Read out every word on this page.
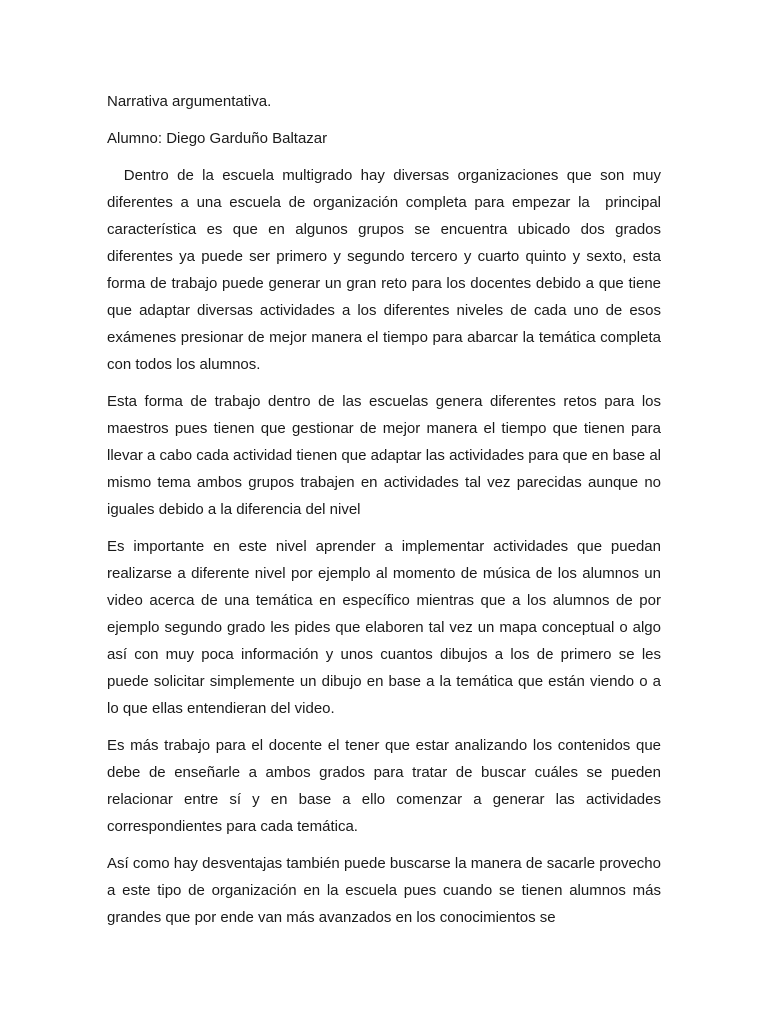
Narrativa argumentativa.

Alumno: Diego Garduño Baltazar

Dentro de la escuela multigrado hay diversas organizaciones que son muy diferentes a una escuela de organización completa para empezar la  principal característica es que en algunos grupos se encuentra ubicado dos grados diferentes ya puede ser primero y segundo tercero y cuarto quinto y sexto, esta forma de trabajo puede generar un gran reto para los docentes debido a que tiene que adaptar diversas actividades a los diferentes niveles de cada uno de esos exámenes presionar de mejor manera el tiempo para abarcar la temática completa con todos los alumnos.

Esta forma de trabajo dentro de las escuelas genera diferentes retos para los maestros pues tienen que gestionar de mejor manera el tiempo que tienen para llevar a cabo cada actividad tienen que adaptar las actividades para que en base al mismo tema ambos grupos trabajen en actividades tal vez parecidas aunque no iguales debido a la diferencia del nivel

Es importante en este nivel aprender a implementar actividades que puedan realizarse a diferente nivel por ejemplo al momento de música de los alumnos un video acerca de una temática en específico mientras que a los alumnos de por ejemplo segundo grado les pides que elaboren tal vez un mapa conceptual o algo así con muy poca información y unos cuantos dibujos a los de primero se les puede solicitar simplemente un dibujo en base a la temática que están viendo o a lo que ellas entendieran del video.

Es más trabajo para el docente el tener que estar analizando los contenidos que debe de enseñarle a ambos grados para tratar de buscar cuáles se pueden relacionar entre sí y en base a ello comenzar a generar las actividades correspondientes para cada temática.

Así como hay desventajas también puede buscarse la manera de sacarle provecho a este tipo de organización en la escuela pues cuando se tienen alumnos más grandes que por ende van más avanzados en los conocimientos se
